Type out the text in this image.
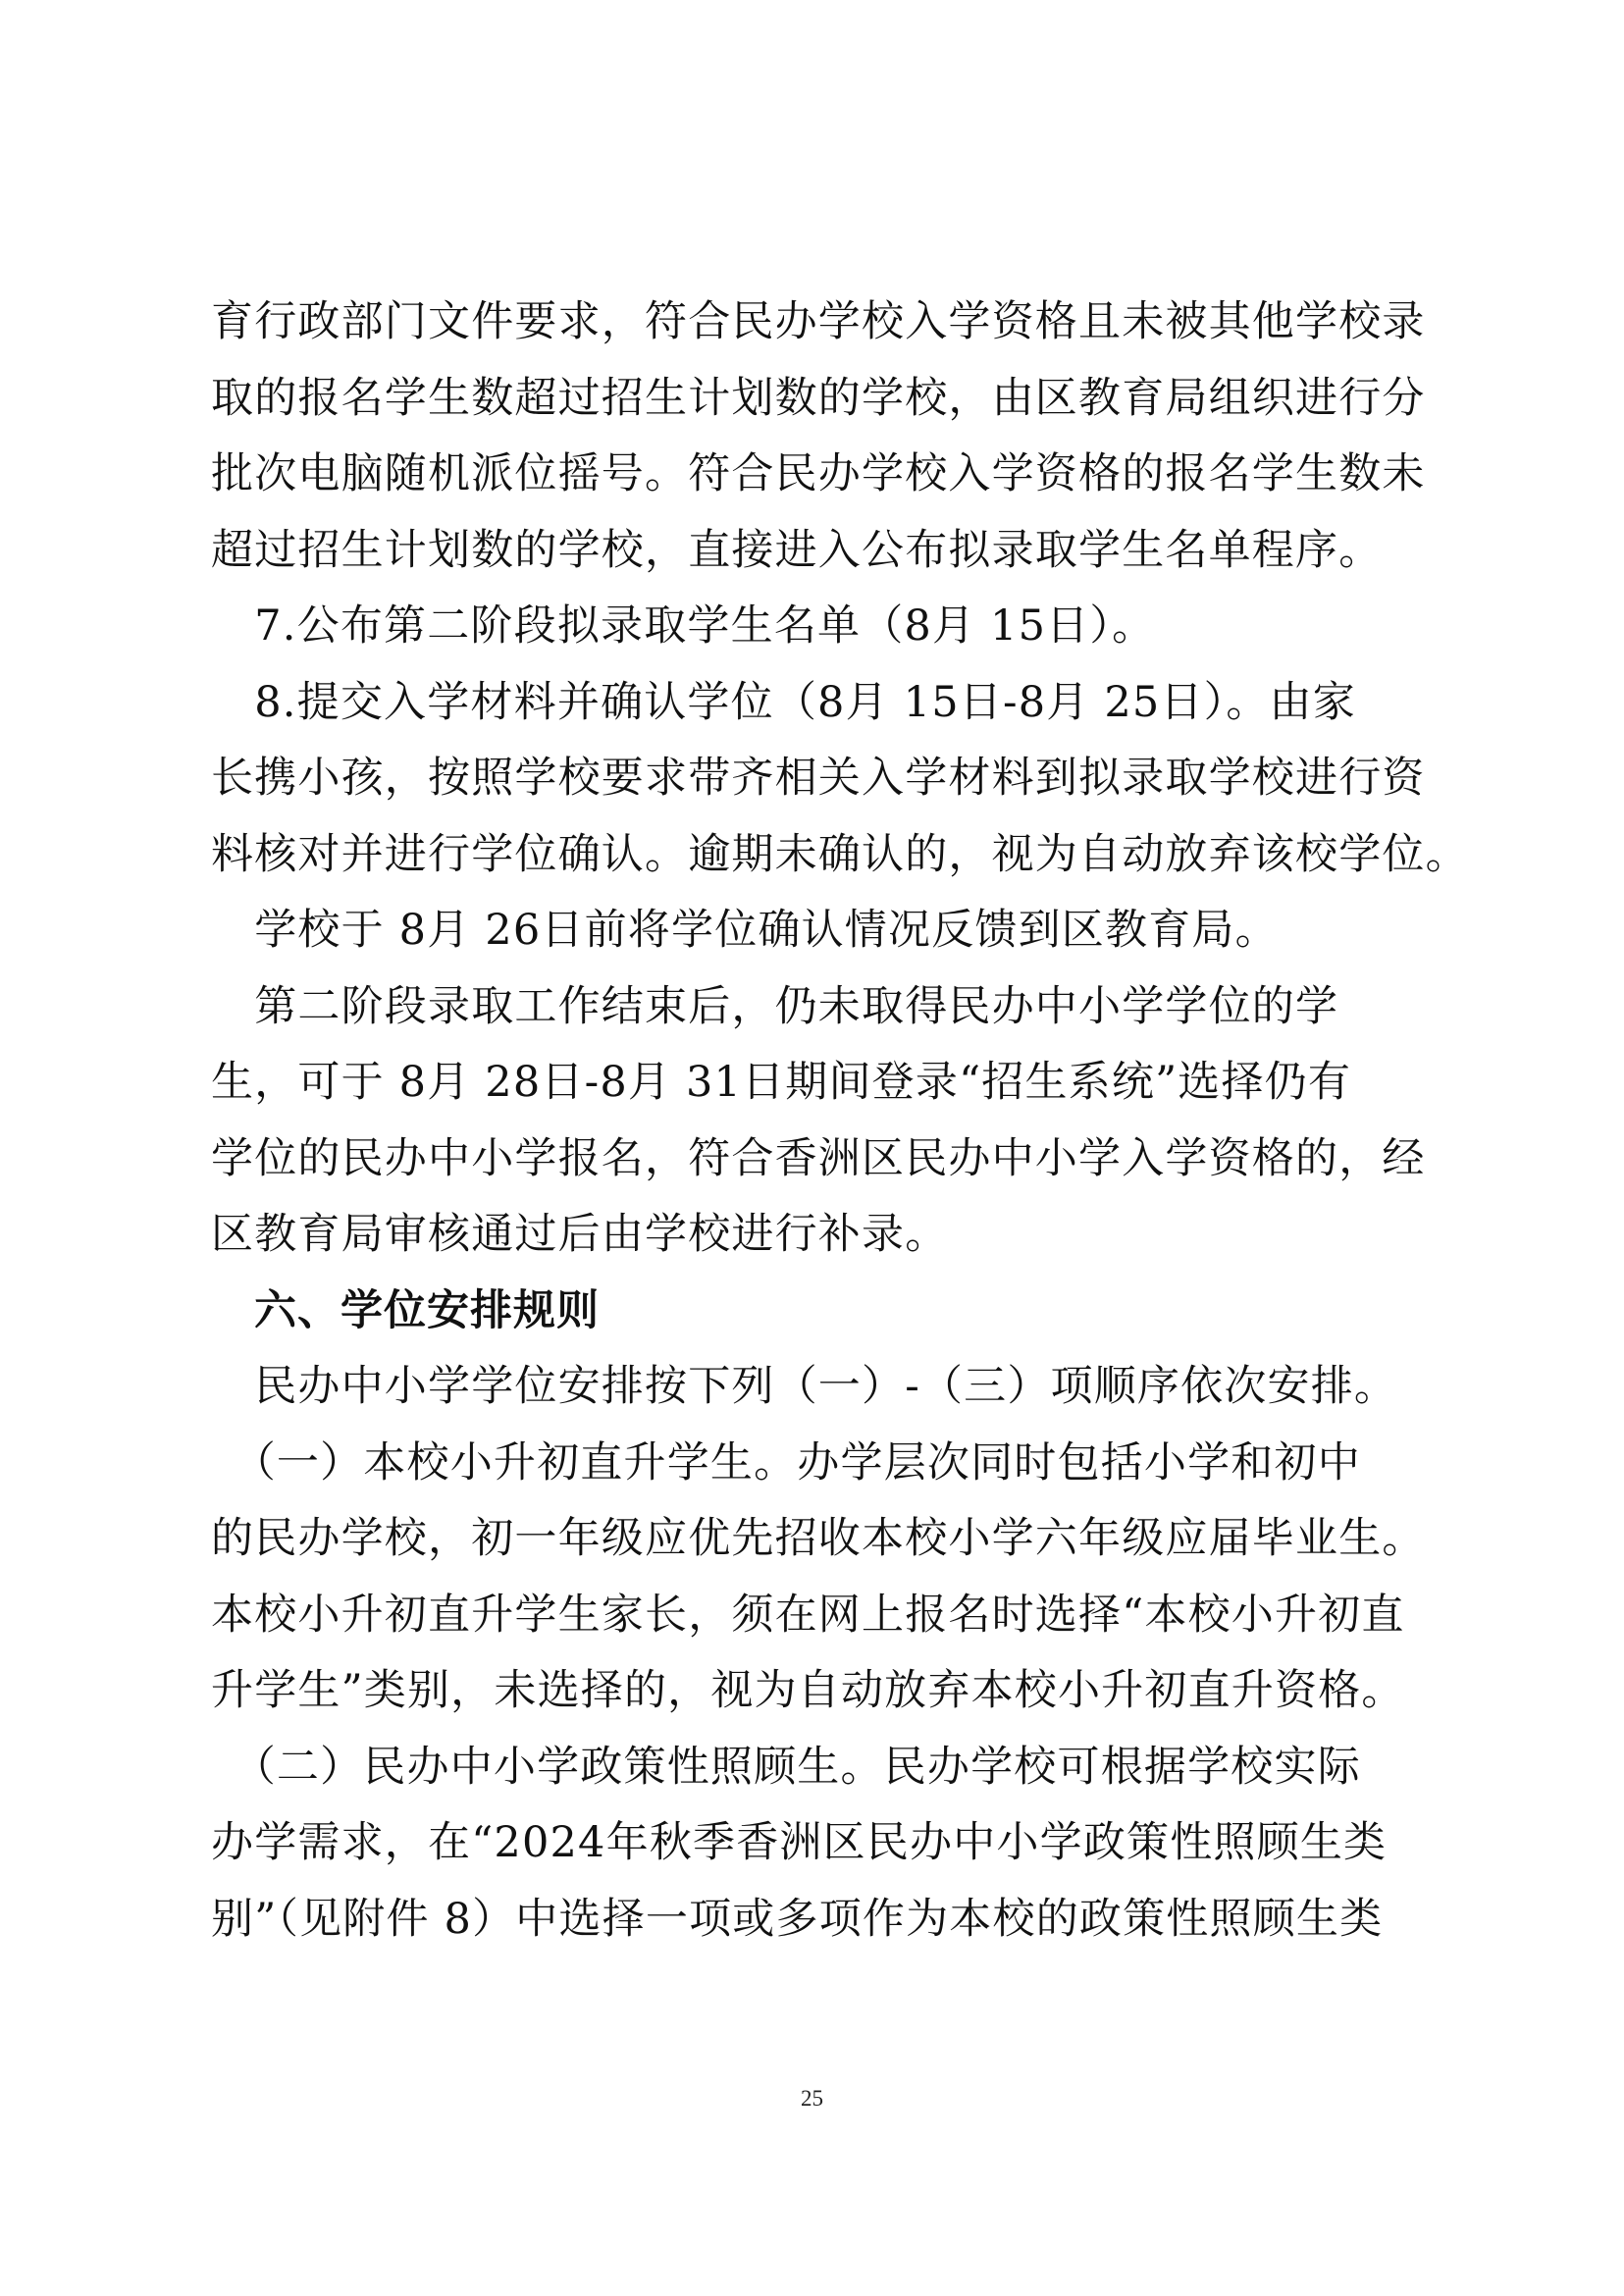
育行政部门文件要求，符合民办学校入学资格且未被其他学校录
取的报名学生数超过招生计划数的学校，由区教育局组织进行分
批次电脑随机派位摇号。符合民办学校入学资格的报名学生数未
超过招生计划数的学校，直接进入公布拟录取学生名单程序。
　7.公布第二阶段拟录取学生名单（8月 15日）。
　8.提交入学材料并确认学位（8月 15日-8月 25日）。由家
长携小孩，按照学校要求带齐相关入学材料到拟录取学校进行资
料核对并进行学位确认。逾期未确认的，视为自动放弃该校学位。
　学校于 8月 26日前将学位确认情况反馈到区教育局。
　第二阶段录取工作结束后，仍未取得民办中小学学位的学
生，可于 8月 28日-8月 31日期间登录“招生系统”选择仍有
学位的民办中小学报名，符合香洲区民办中小学入学资格的，经
区教育局审核通过后由学校进行补录。
　六、学位安排规则
　民办中小学学位安排按下列（一）-（三）项顺序依次安排。
　（一）本校小升初直升学生。办学层次同时包括小学和初中
的民办学校，初一年级应优先招收本校小学六年级应届毕业生。
本校小升初直升学生家长，须在网上报名时选择“本校小升初直
升学生”类别，未选择的，视为自动放弃本校小升初直升资格。
　（二）民办中小学政策性照顾生。民办学校可根据学校实际
办学需求，在“2024年秋季香洲区民办中小学政策性照顾生类
别”（见附件 8）中选择一项或多项作为本校的政策性照顾生类
25
